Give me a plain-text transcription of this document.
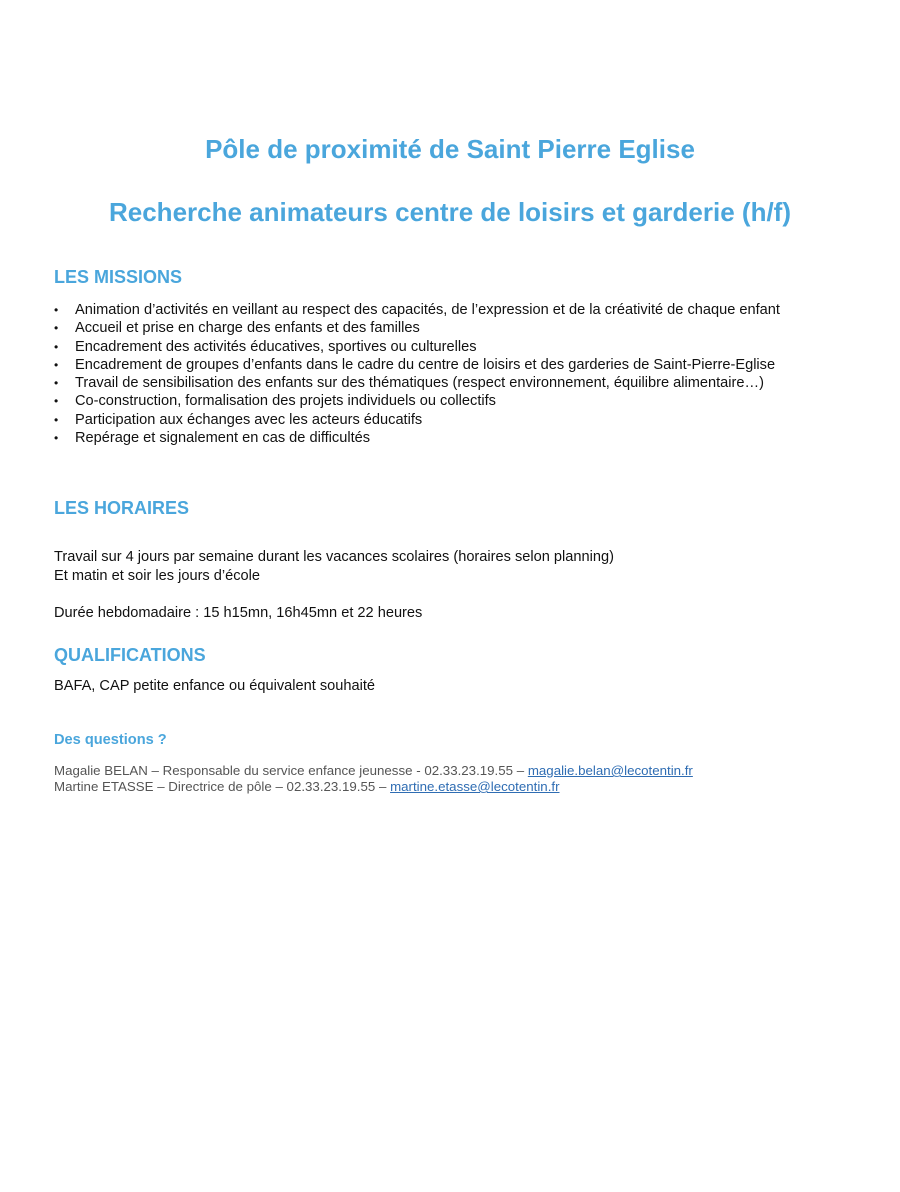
Pôle de proximité de Saint Pierre Eglise
Recherche animateurs centre de loisirs et garderie (h/f)
LES MISSIONS
• Animation d’activités en veillant au respect des capacités, de l’expression et de la créativité de chaque enfant
• Accueil et prise en charge des enfants et des familles
• Encadrement des activités éducatives, sportives ou culturelles
• Encadrement de groupes d’enfants dans le cadre du centre de loisirs et des garderies de Saint-Pierre-Eglise
• Travail de sensibilisation des enfants sur des thématiques (respect environnement, équilibre alimentaire…)
• Co-construction, formalisation des projets individuels ou collectifs
• Participation aux échanges avec les acteurs éducatifs
• Repérage et signalement en cas de difficultés
LES HORAIRES

Travail sur 4 jours par semaine durant les vacances scolaires (horaires selon planning)

Et matin et soir les jours d’école

Durée hebdomadaire : 15 h15mn, 16h45mn et 22 heures

QUALIFICATIONS

BAFA, CAP petite enfance ou équivalent souhaité

Des questions ?

Magalie BELAN – Responsable du service enfance jeunesse - 02.33.23.19.55 – magalie.belan@lecotentin.fr

Martine ETASSE – Directrice de pôle – 02.33.23.19.55 – martine.etasse@lecotentin.fr
